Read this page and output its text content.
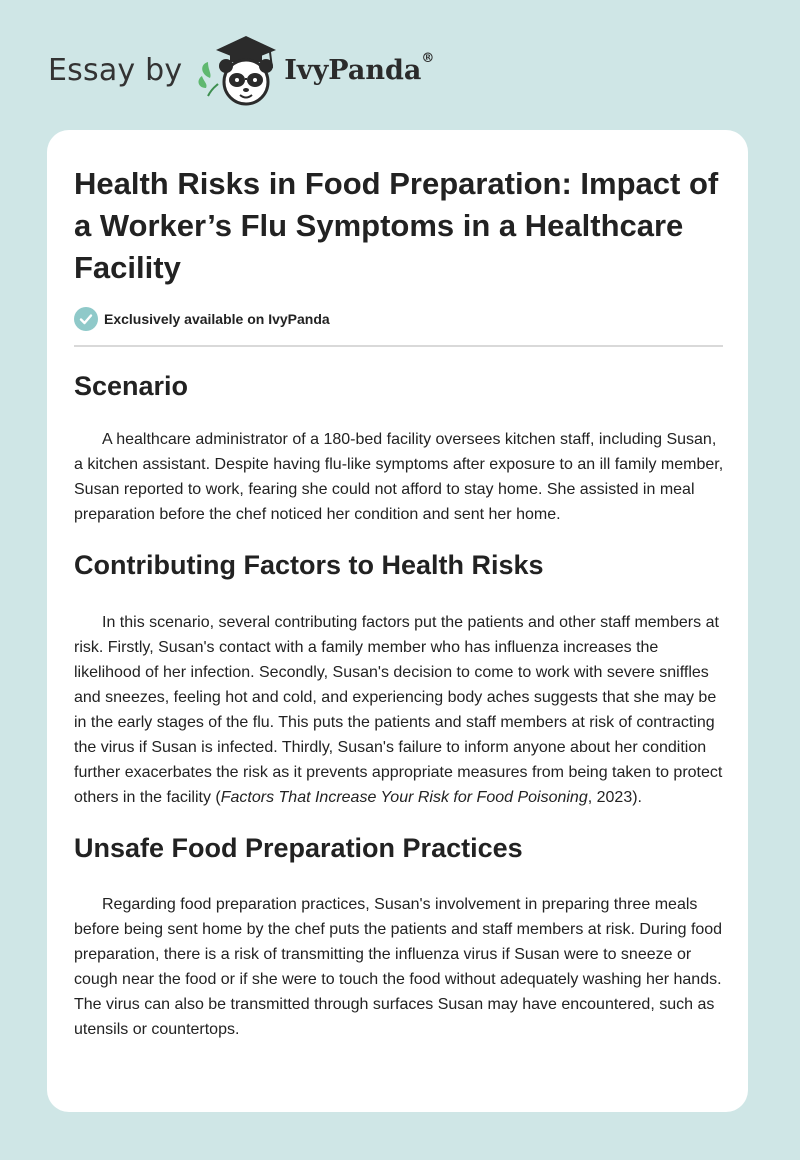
Essay by	IvyPanda®
Health Risks in Food Preparation: Impact of a Worker’s Flu Symptoms in a Healthcare Facility
Exclusively available on IvyPanda
Scenario

A healthcare administrator of a 180-bed facility oversees kitchen staff, including Susan, a kitchen assistant. Despite having flu-like symptoms after exposure to an ill family member, Susan reported to work, fearing she could not afford to stay home. She assisted in meal preparation before the chef noticed her condition and sent her home.

Contributing Factors to Health Risks

In this scenario, several contributing factors put the patients and other staff members at risk. Firstly, Susan's contact with a family member who has influenza increases the likelihood of her infection. Secondly, Susan's decision to come to work with severe sniffles and sneezes, feeling hot and cold, and experiencing body aches suggests that she may be in the early stages of the flu. This puts the patients and staff members at risk of contracting the virus if Susan is infected. Thirdly, Susan's failure to inform anyone about her condition further exacerbates the risk as it prevents appropriate measures from being taken to protect others in the facility (Factors That Increase Your Risk for Food Poisoning, 2023).

Unsafe Food Preparation Practices

Regarding food preparation practices, Susan's involvement in preparing three meals before being sent home by the chef puts the patients and staff members at risk. During food preparation, there is a risk of transmitting the influenza virus if Susan were to sneeze or cough near the food or if she were to touch the food without adequately washing her hands. The virus can also be transmitted through surfaces Susan may have encountered, such as utensils or countertops.
